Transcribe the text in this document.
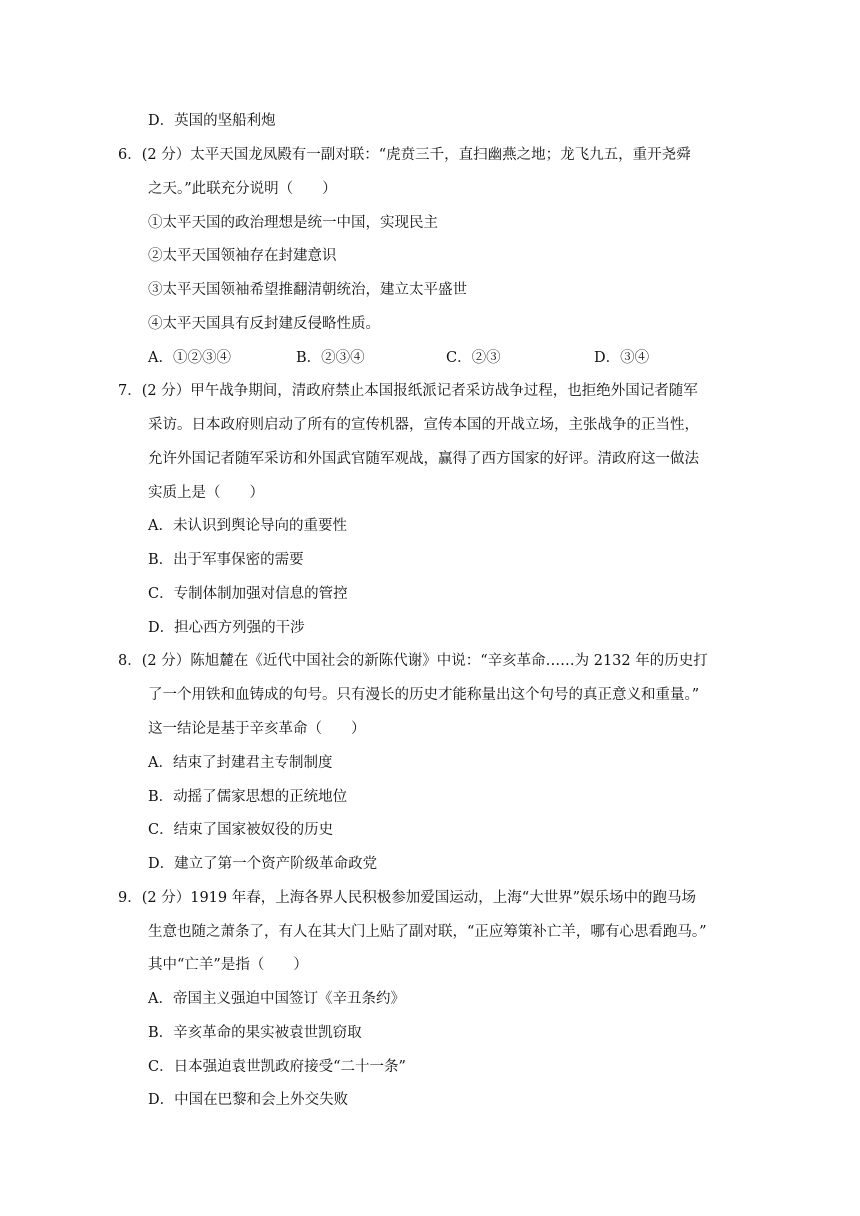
D．英国的坚船利炮
6．(2 分）太平天国龙凤殿有一副对联：“虎贲三千，直扫幽燕之地；龙飞九五，重开尧舜
之天。”此联充分说明（　　）
①太平天国的政治理想是统一中国，实现民主
②太平天国领袖存在封建意识
③太平天国领袖希望推翻清朝统治，建立太平盛世
④太平天国具有反封建反侵略性质。
A．①②③④	B．②③④	C．②③	D．③④
7．(2 分）甲午战争期间，清政府禁止本国报纸派记者采访战争过程，也拒绝外国记者随军
采访。日本政府则启动了所有的宣传机器，宣传本国的开战立场，主张战争的正当性，
允许外国记者随军采访和外国武官随军观战，赢得了西方国家的好评。清政府这一做法
实质上是（　　）
A．未认识到舆论导向的重要性
B．出于军事保密的需要
C．专制体制加强对信息的管控
D．担心西方列强的干涉
8．(2 分）陈旭麓在《近代中国社会的新陈代谢》中说：“辛亥革命……为 2132 年的历史打
了一个用铁和血铸成的句号。只有漫长的历史才能称量出这个句号的真正意义和重量。”
这一结论是基于辛亥革命（　　）
A．结束了封建君主专制制度
B．动摇了儒家思想的正统地位
C．结束了国家被奴役的历史
D．建立了第一个资产阶级革命政党
9．(2 分）1919 年春，上海各界人民积极参加爱国运动，上海“大世界”娱乐场中的跑马场
生意也随之萧条了，有人在其大门上贴了副对联，“正应筹策补亡羊，哪有心思看跑马。”
其中“亡羊”是指（　　）
A．帝国主义强迫中国签订《辛丑条约》
B．辛亥革命的果实被袁世凯窃取
C．日本强迫袁世凯政府接受“二十一条”
D．中国在巴黎和会上外交失败
